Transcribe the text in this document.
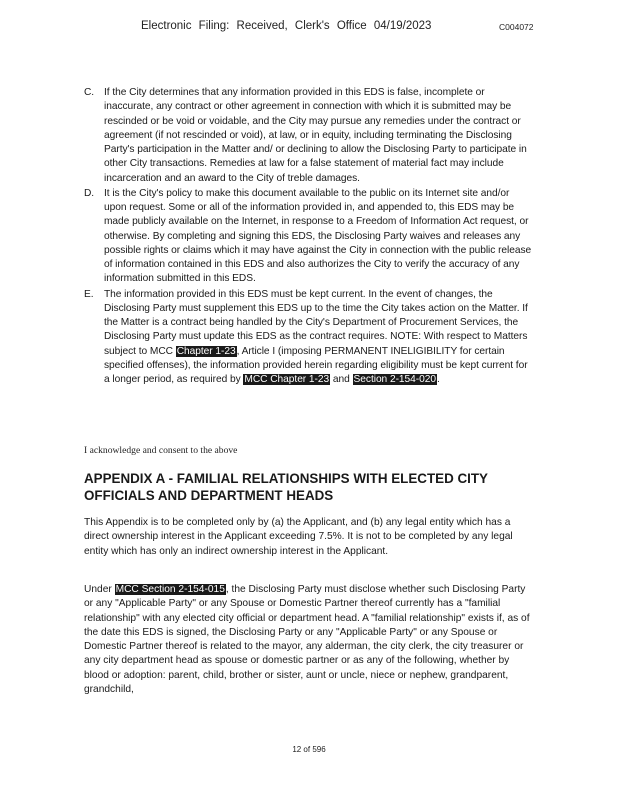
Electronic Filing: Received, Clerk's Office 04/19/2023	C004072
C. If the City determines that any information provided in this EDS is false, incomplete or inaccurate, any contract or other agreement in connection with which it is submitted may be rescinded or be void or voidable, and the City may pursue any remedies under the contract or agreement (if not rescinded or void), at law, or in equity, including terminating the Disclosing Party's participation in the Matter and/ or declining to allow the Disclosing Party to participate in other City transactions. Remedies at law for a false statement of material fact may include incarceration and an award to the City of treble damages.
D. It is the City's policy to make this document available to the public on its Internet site and/or upon request. Some or all of the information provided in, and appended to, this EDS may be made publicly available on the Internet, in response to a Freedom of Information Act request, or otherwise. By completing and signing this EDS, the Disclosing Party waives and releases any possible rights or claims which it may have against the City in connection with the public release of information contained in this EDS and also authorizes the City to verify the accuracy of any information submitted in this EDS.
E. The information provided in this EDS must be kept current. In the event of changes, the Disclosing Party must supplement this EDS up to the time the City takes action on the Matter. If the Matter is a contract being handled by the City's Department of Procurement Services, the Disclosing Party must update this EDS as the contract requires. NOTE: With respect to Matters subject to MCC Chapter 1-23, Article I (imposing PERMANENT INELIGIBILITY for certain specified offenses), the information provided herein regarding eligibility must be kept current for a longer period, as required by MCC Chapter 1-23 and Section 2-154-020.
I acknowledge and consent to the above
APPENDIX A - FAMILIAL RELATIONSHIPS WITH ELECTED CITY OFFICIALS AND DEPARTMENT HEADS
This Appendix is to be completed only by (a) the Applicant, and (b) any legal entity which has a direct ownership interest in the Applicant exceeding 7.5%. It is not to be completed by any legal entity which has only an indirect ownership interest in the Applicant.
Under MCC Section 2-154-015, the Disclosing Party must disclose whether such Disclosing Party or any "Applicable Party" or any Spouse or Domestic Partner thereof currently has a "familial relationship" with any elected city official or department head. A "familial relationship" exists if, as of the date this EDS is signed, the Disclosing Party or any "Applicable Party" or any Spouse or Domestic Partner thereof is related to the mayor, any alderman, the city clerk, the city treasurer or any city department head as spouse or domestic partner or as any of the following, whether by blood or adoption: parent, child, brother or sister, aunt or uncle, niece or nephew, grandparent, grandchild,
12 of 596
